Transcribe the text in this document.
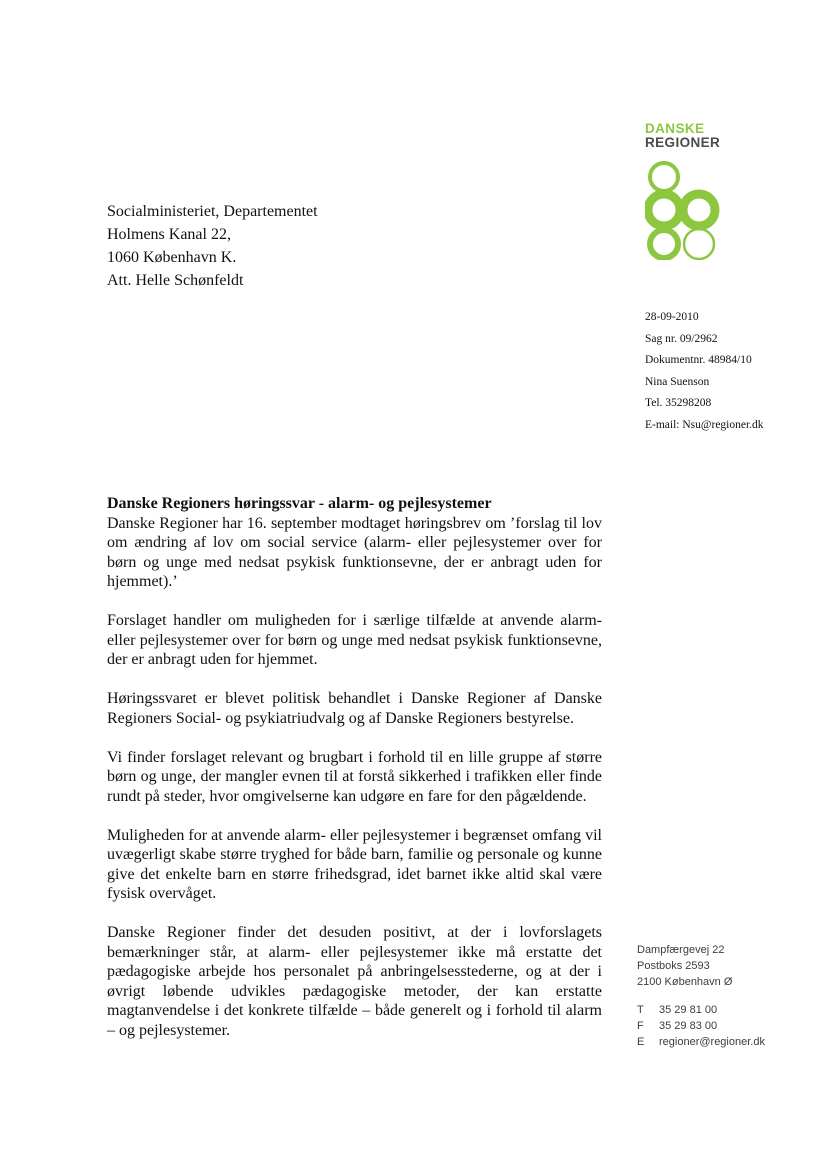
DANSKE

REGIONER

Socialministeriet, Departementet
Holmens Kanal 22,
1060 København K.
Att. Helle Schønfeldt
28-09-2010
Sag nr. 09/2962
Dokumentnr. 48984/10
Nina Suenson
Tel. 35298208
E-mail: Nsu@regioner.dk

Danske Regioners høringssvar - alarm- og pejlesystemer

Danske Regioner har 16. september modtaget høringsbrev om ’forslag til lov om ændring af lov om social service (alarm- eller pejlesystemer over for børn og unge med nedsat psykisk funktionsevne, der er anbragt uden for hjemmet).’

Forslaget handler om muligheden for i særlige tilfælde at anvende alarm- eller pejlesystemer over for børn og unge med nedsat psykisk funktionsevne, der er anbragt uden for hjemmet.

Høringssvaret er blevet politisk behandlet i Danske Regioner af Danske Regioners Social- og psykiatriudvalg og af Danske Regioners bestyrelse.

Vi finder forslaget relevant og brugbart i forhold til en lille gruppe af større børn og unge, der mangler evnen til at forstå sikkerhed i trafikken eller finde rundt på steder, hvor omgivelserne kan udgøre en fare for den pågældende.

Muligheden for at anvende alarm- eller pejlesystemer i begrænset omfang vil uvægerligt skabe større tryghed for både barn, familie og personale og kunne give det enkelte barn en større frihedsgrad, idet barnet ikke altid skal være fysisk overvåget.

Danske Regioner finder det desuden positivt, at der i lovforslagets bemærkninger står, at alarm- eller pejlesystemer ikke må erstatte det pædagogiske arbejde hos personalet på anbringelsesstederne, og at der i øvrigt løbende udvikles pædagogiske metoder, der kan erstatte magtanvendelse i det konkrete tilfælde – både generelt og i forhold til alarm – og pejlesystemer.

Dampfærgevej 22
Postboks 2593
2100 København Ø
T	35 29 81 00
F	35 29 83 00
E	regioner@regioner.dk
